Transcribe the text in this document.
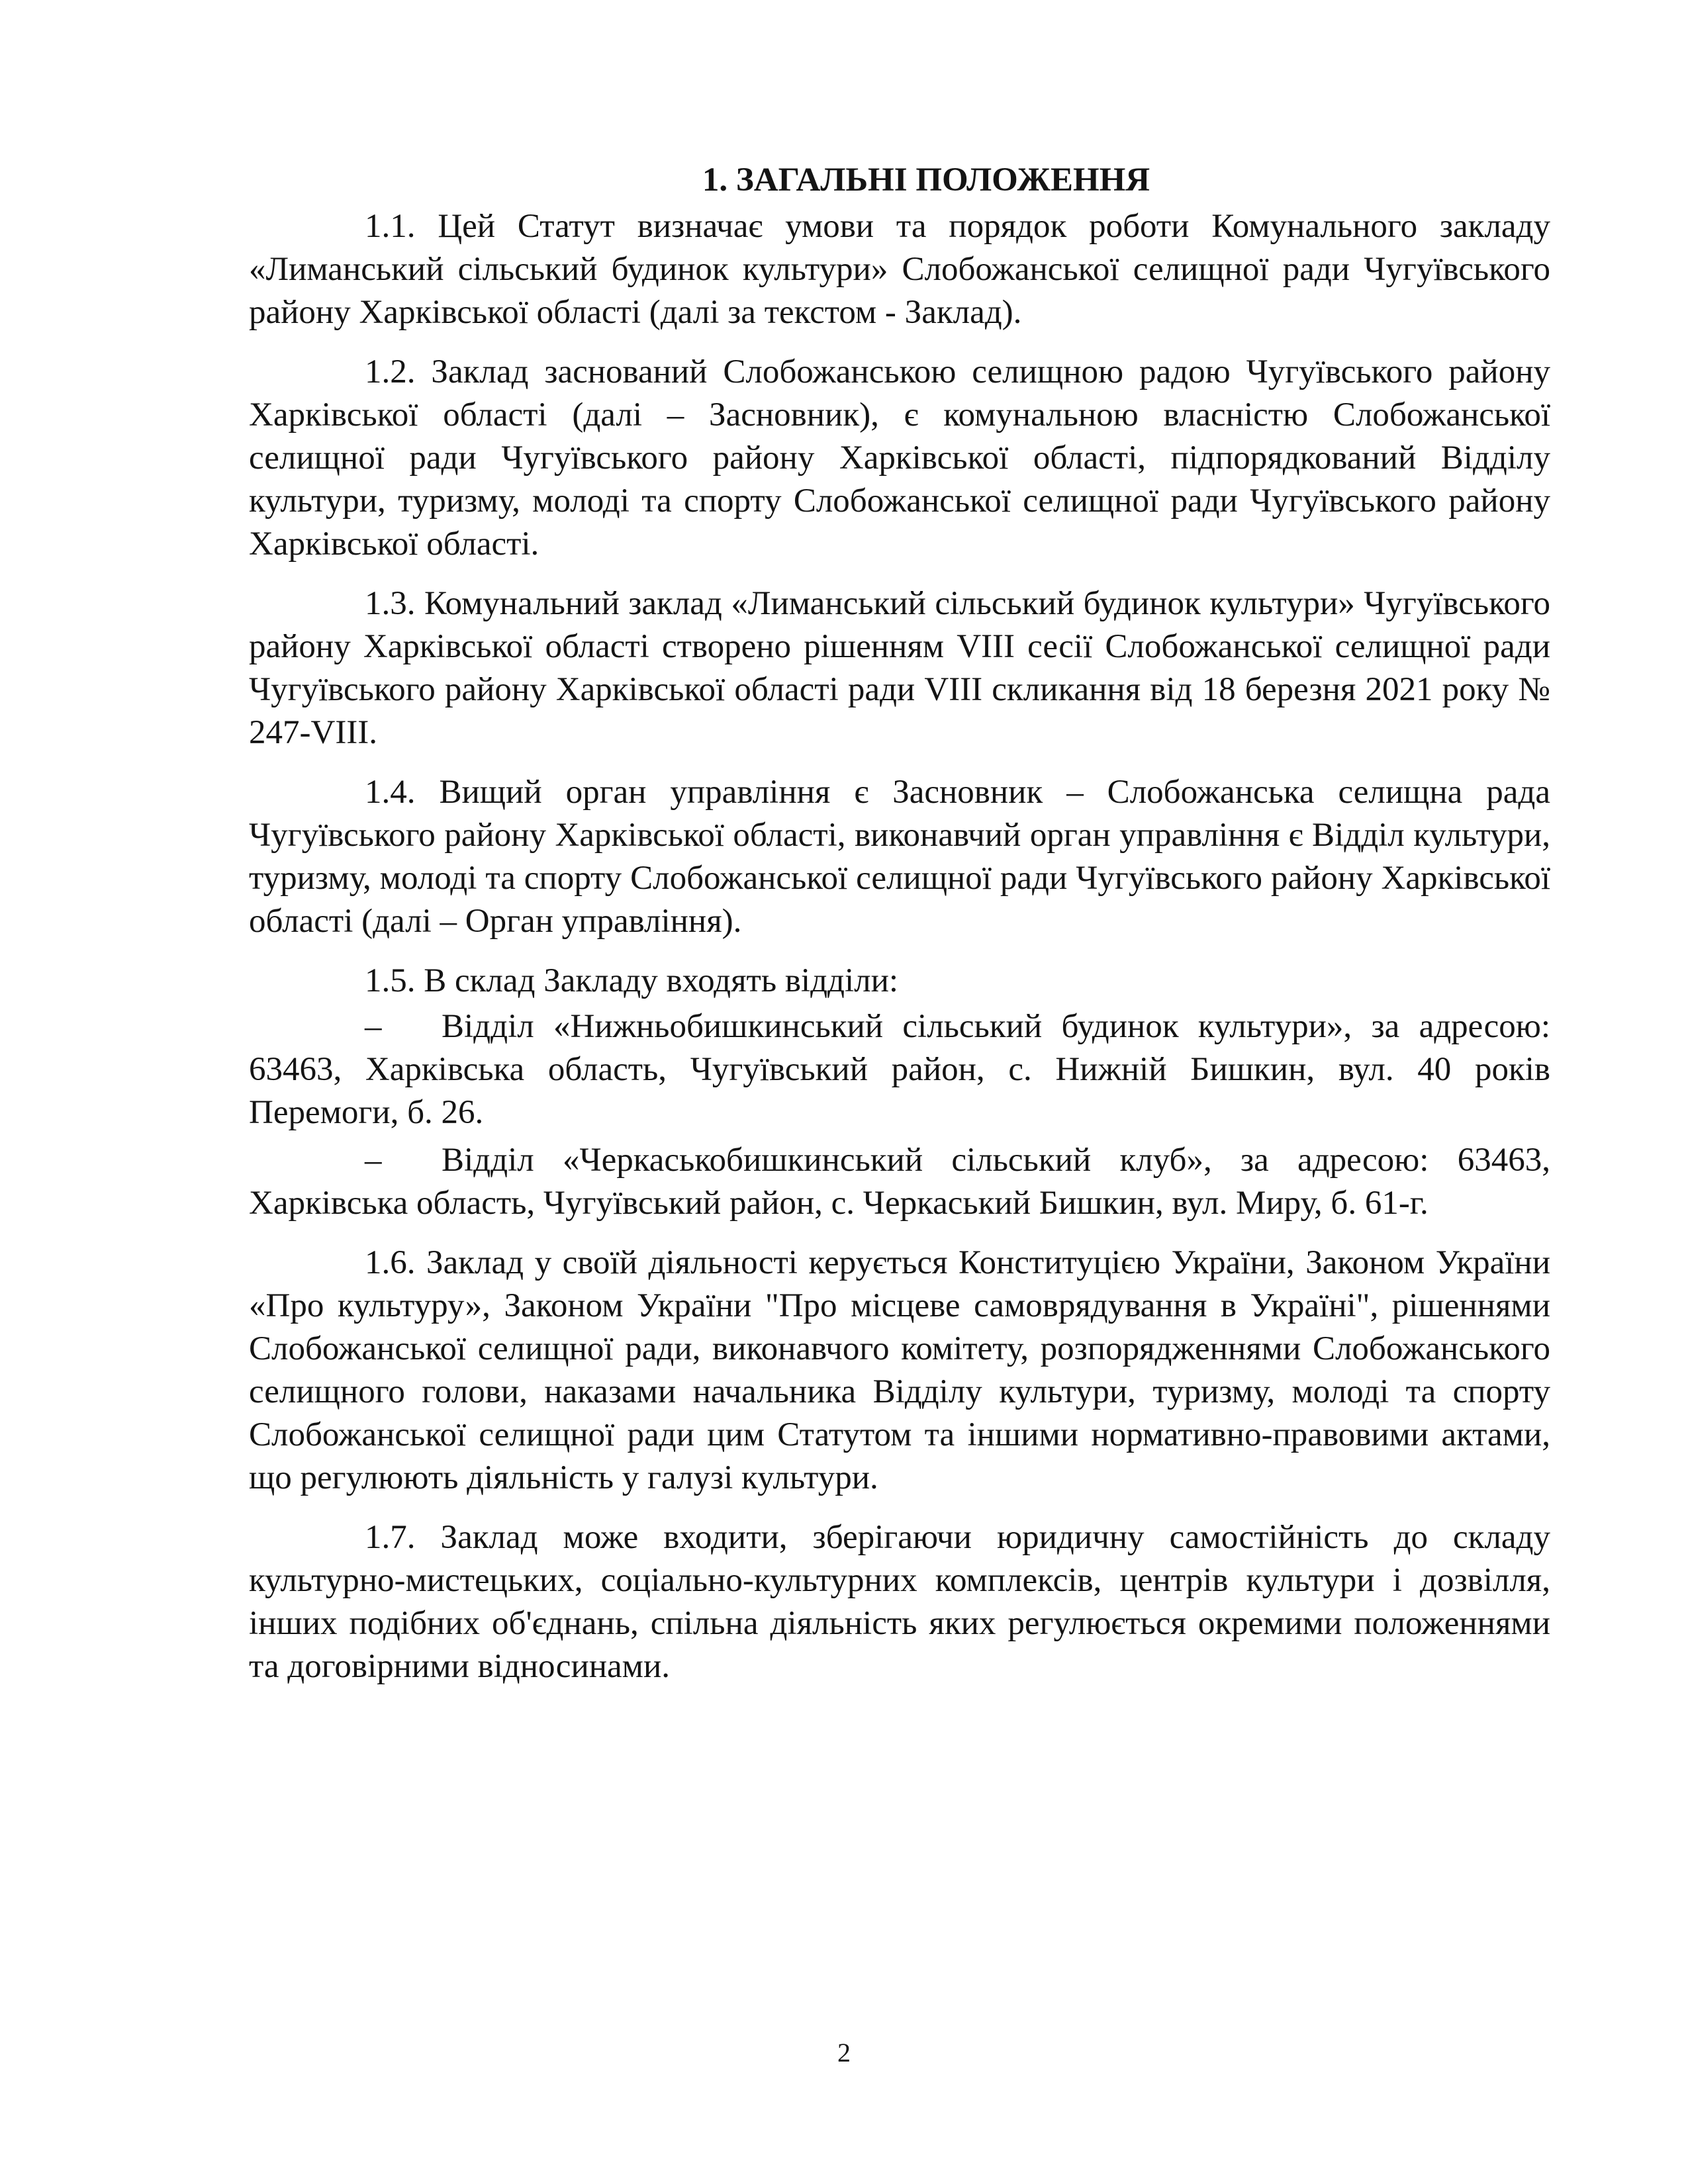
1. ЗАГАЛЬНІ ПОЛОЖЕННЯ

1.1. Цей Статут визначає умови та порядок роботи Комунального закладу «Лиманський сільський будинок культури» Слобожанської селищної ради Чугуївського району Харківської області (далі за текстом - Заклад).

1.2. Заклад заснований Слобожанською селищною радою Чугуївського району Харківської області (далі – Засновник), є комунальною власністю Слобожанської селищної ради Чугуївського району Харківської області, підпорядкований Відділу культури, туризму, молоді та спорту Слобожанської селищної ради Чугуївського району Харківської області.

1.3. Комунальний заклад «Лиманський сільський будинок культури» Чугуївського району Харківської області створено рішенням VIII сесії Слобожанської селищної ради Чугуївського району Харківської області ради VIII скликання від 18 березня 2021 року № 247-VIII.

1.4. Вищий орган управління є Засновник – Слобожанська селищна рада Чугуївського району Харківської області, виконавчий орган управління є Відділ культури, туризму, молоді та спорту Слобожанської селищної ради Чугуївського району Харківської області (далі – Орган управління).

1.5. В склад Закладу входять відділи:

– Відділ «Нижньобишкинський сільський будинок культури», за адресою: 63463, Харківська область, Чугуївський район, с. Нижній Бишкин, вул. 40 років Перемоги, б. 26.

– Відділ «Черкаськобишкинський сільський клуб», за адресою: 63463, Харківська область, Чугуївський район, с. Черкаський Бишкин, вул. Миру, б. 61-г.

1.6. Заклад у своїй діяльності керується Конституцією України, Законом України «Про культуру», Законом України "Про місцеве самоврядування в Україні", рішеннями Слобожанської селищної ради, виконавчого комітету, розпорядженнями Слобожанського селищного голови, наказами начальника Відділу культури, туризму, молоді та спорту Слобожанської селищної ради цим Статутом та іншими нормативно-правовими актами, що регулюють діяльність у галузі культури.

1.7. Заклад може входити, зберігаючи юридичну самостійність до складу культурно-мистецьких, соціально-культурних комплексів, центрів культури і дозвілля, інших подібних об'єднань, спільна діяльність яких регулюється окремими положеннями та договірними відносинами.

2
